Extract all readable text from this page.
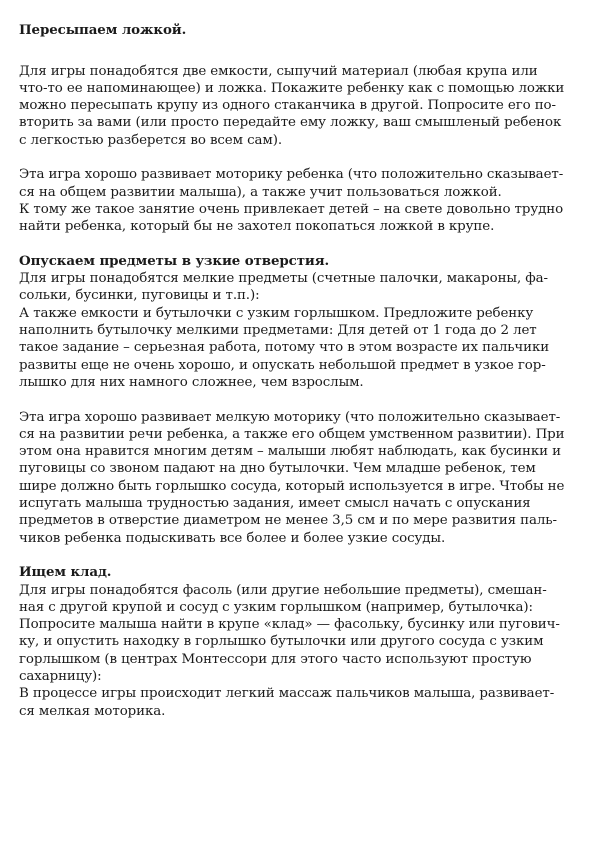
Пересыпаем ложкой.
Для игры понадобятся две емкости, сыпучий материал (любая крупа или
что-то ее напоминающее) и ложка. Покажите ребенку как с помощью ложки
можно пересыпать крупу из одного стаканчика в другой. Попросите его по-
вторить за вами (или просто передайте ему ложку, ваш смышленый ребенок
с легкостью разберется во всем сам).
Эта игра хорошо развивает моторику ребенка (что положительно сказывает-
ся на общем развитии малыша), а также учит пользоваться ложкой.
К тому же такое занятие очень привлекает детей – на свете довольно трудно
найти ребенка, который бы не захотел покопаться ложкой в крупе.
Опускаем предметы в узкие отверстия.
Для игры понадобятся мелкие предметы (счетные палочки, макароны, фа-
сольки, бусинки, пуговицы и т.п.):
А также емкости и бутылочки с узким горлышком. Предложите ребенку
наполнить бутылочку мелкими предметами: Для детей от 1 года до 2 лет
такое задание – серьезная работа, потому что в этом возрасте их пальчики
развиты еще не очень хорошо, и опускать небольшой предмет в узкое гор-
лышко для них намного сложнее, чем взрослым.
Эта игра хорошо развивает мелкую моторику (что положительно сказывает-
ся на развитии речи ребенка, а также его общем умственном развитии). При
этом она нравится многим детям – малыши любят наблюдать, как бусинки и
пуговицы со звоном падают на дно бутылочки. Чем младше ребенок, тем
шире должно быть горлышко сосуда, который используется в игре. Чтобы не
испугать малыша трудностью задания, имеет смысл начать с опускания
предметов в отверстие диаметром не менее 3,5 см и по мере развития паль-
чиков ребенка подыскивать все более и более узкие сосуды.
Ищем клад.
Для игры понадобятся фасоль (или другие небольшие предметы), смешан-
ная с другой крупой и сосуд с узким горлышком (например, бутылочка):
Попросите малыша найти в крупе «клад» — фасольку, бусинку или пугович-
ку, и опустить находку в горлышко бутылочки или другого сосуда с узким
горлышком (в центрах Монтессори для этого часто используют простую
сахарницу):
В процессе игры происходит легкий массаж пальчиков малыша, развивает-
ся мелкая моторика.
